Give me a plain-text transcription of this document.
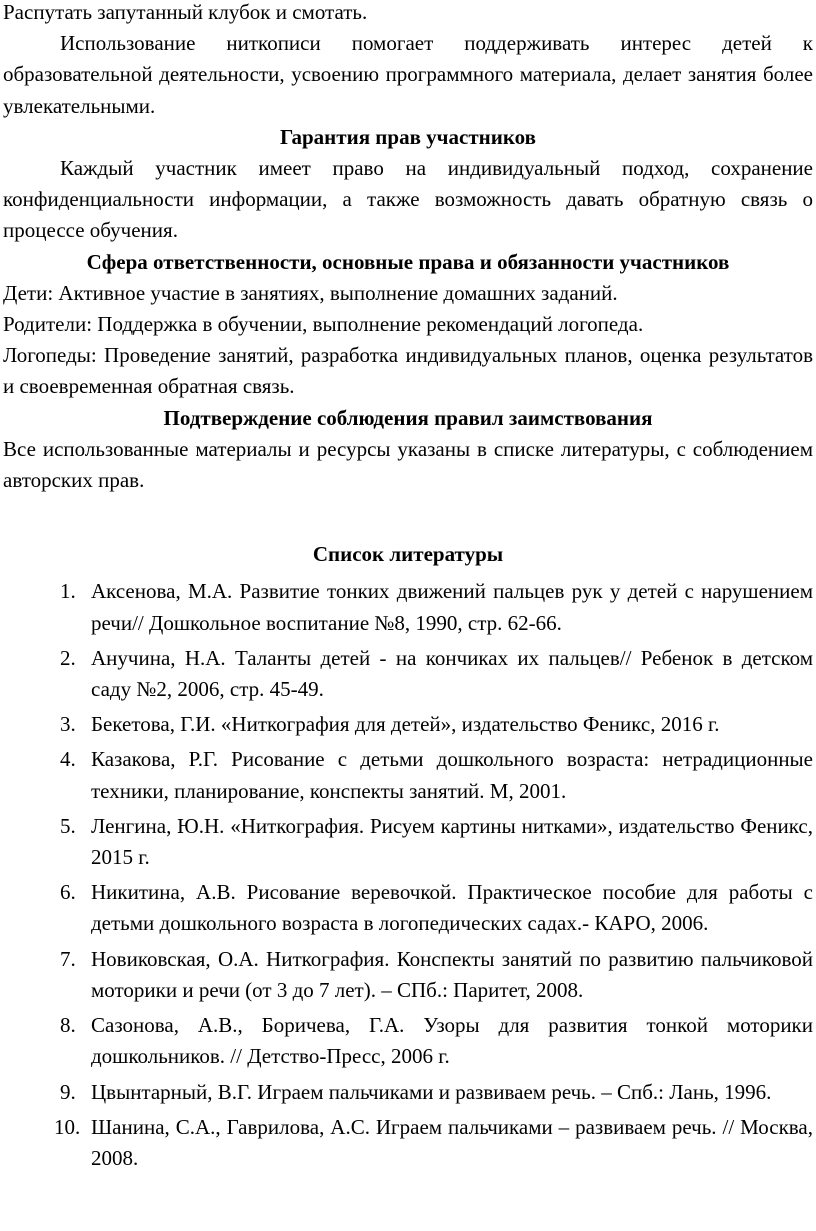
Распутать запутанный клубок и смотать.

Использование ниткописи помогает поддерживать интерес детей к образовательной деятельности, усвоению программного материала, делает занятия более увлекательными.

Гарантия прав участников

Каждый участник имеет право на индивидуальный подход, сохранение конфиденциальности информации, а также возможность давать обратную связь о процессе обучения.

Сфера ответственности, основные права и обязанности участников

Дети: Активное участие в занятиях, выполнение домашних заданий.

Родители: Поддержка в обучении, выполнение рекомендаций логопеда.

Логопеды: Проведение занятий, разработка индивидуальных планов, оценка результатов и своевременная обратная связь.

Подтверждение соблюдения правил заимствования

Все использованные материалы и ресурсы указаны в списке литературы, с соблюдением авторских прав.

Список литературы

1. Аксенова, М.А. Развитие тонких движений пальцев рук у детей с нарушением речи// Дошкольное воспитание №8, 1990, стр. 62-66.
2. Анучина, Н.А. Таланты детей - на кончиках их пальцев// Ребенок в детском саду №2, 2006, стр. 45-49.
3. Бекетова, Г.И. «Ниткография для детей», издательство Феникс, 2016 г.
4. Казакова, Р.Г. Рисование с детьми дошкольного возраста: нетрадиционные техники, планирование, конспекты занятий. М, 2001.
5. Ленгина, Ю.Н. «Ниткография. Рисуем картины нитками», издательство Феникс, 2015 г.
6. Никитина, А.В. Рисование веревочкой. Практическое пособие для работы с детьми дошкольного возраста в логопедических садах.- КАРО, 2006.
7. Новиковская, О.А. Ниткография. Конспекты занятий по развитию пальчиковой моторики и речи (от 3 до 7 лет). – СПб.: Паритет, 2008.
8. Сазонова, А.В., Боричева, Г.А. Узоры для развития тонкой моторики дошкольников. // Детство-Пресс, 2006 г.
9. Цвынтарный, В.Г. Играем пальчиками и развиваем речь. – Спб.: Лань, 1996.
10. Шанина, С.А., Гаврилова, А.С. Играем пальчиками – развиваем речь. // Москва, 2008.
